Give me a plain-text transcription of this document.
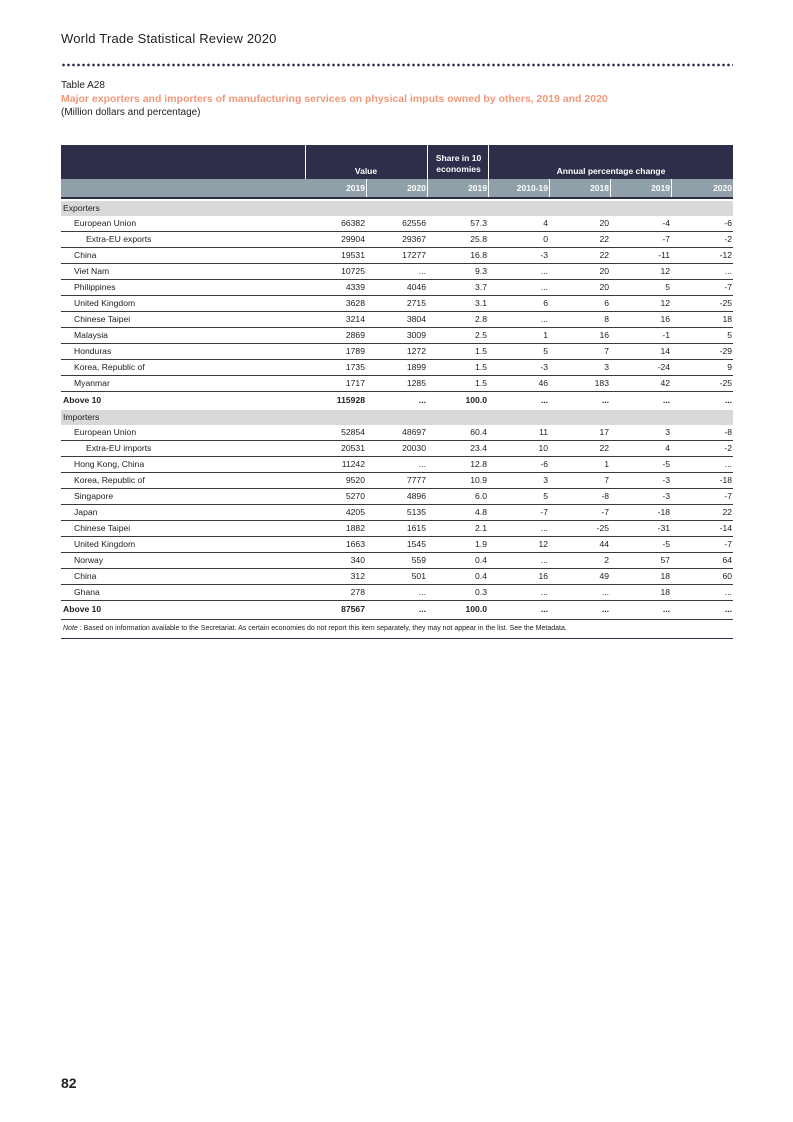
World Trade Statistical Review 2020
Table A28
Major exporters and importers of manufacturing services on physical imputs owned by others, 2019 and 2020
(Million dollars and percentage)
Value
Share in 10
economies	Annual percentage change
2019	2020	2019	2010-19	2018	2019	2020
Exporters
European Union	66382	62556	57.3	4	20	-4	-6
Extra-EU exports	29904	29367	25.8	0	22	-7	-2
China	19531	17277	16.8	-3	22	-11	-12
Viet Nam	10725	...	9.3	...	20	12	...
Philippines	4339	4046	3.7	...	20	5	-7
United Kingdom	3628	2715	3.1	6	6	12	-25
Chinese Taipei	3214	3804	2.8	...	8	16	18
Malaysia	2869	3009	2.5	1	16	-1	5
Honduras	1789	1272	1.5	5	7	14	-29
Korea, Republic of	1735	1899	1.5	-3	3	-24	9
Myanmar	1717	1285	1.5	46	183	42	-25
Above 10	115928	...	100.0	...	...	...	...
Importers
European Union	52854	48697	60.4	11	17	3	-8
Extra-EU imports	20531	20030	23.4	10	22	4	-2
Hong Kong, China	11242	...	12.8	-6	1	-5	...
Korea, Republic of	9520	7777	10.9	3	7	-3	-18
Singapore	5270	4896	6.0	5	-8	-3	-7
Japan	4205	5135	4.8	-7	-7	-18	22
Chinese Taipei	1882	1615	2.1	...	-25	-31	-14
United Kingdom	1663	1545	1.9	12	44	-5	-7
Norway	340	559	0.4	...	2	57	64
China	312	501	0.4	16	49	18	60
Ghana	278	...	0.3	...	...	18	...
Above 10	87567	...	100.0	...	...	...	...
Note : Based on information available to the Secretariat. As certain economies do not report this item separately, they may not appear in the list. See the Metadata.
82
